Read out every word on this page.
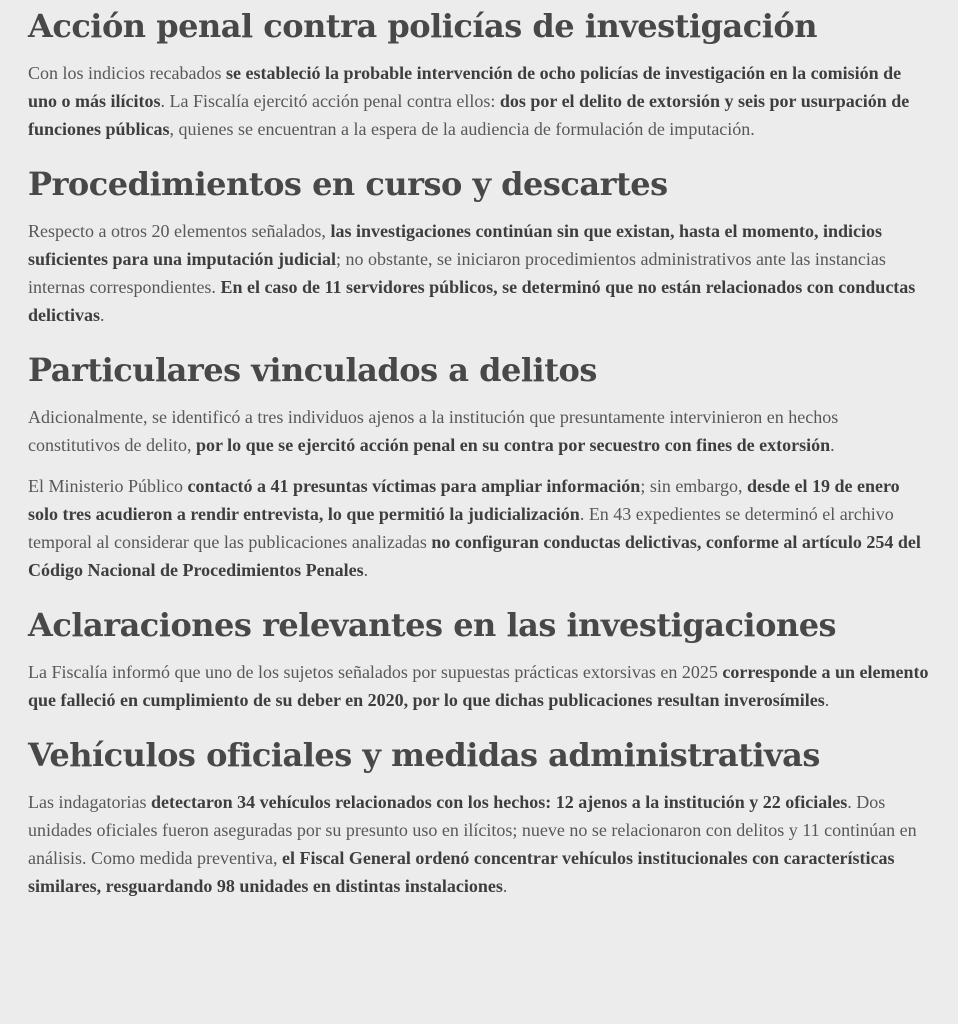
Acción penal contra policías de investigación

Con los indicios recabados se estableció la probable intervención de ocho policías de investigación en la comisión de uno o más ilícitos. La Fiscalía ejercitó acción penal contra ellos: dos por el delito de extorsión y seis por usurpación de funciones públicas, quienes se encuentran a la espera de la audiencia de formulación de imputación.

Procedimientos en curso y descartes

Respecto a otros 20 elementos señalados, las investigaciones continúan sin que existan, hasta el momento, indicios suficientes para una imputación judicial; no obstante, se iniciaron procedimientos administrativos ante las instancias internas correspondientes. En el caso de 11 servidores públicos, se determinó que no están relacionados con conductas delictivas.

Particulares vinculados a delitos

Adicionalmente, se identificó a tres individuos ajenos a la institución que presuntamente intervinieron en hechos constitutivos de delito, por lo que se ejercitó acción penal en su contra por secuestro con fines de extorsión.

El Ministerio Público contactó a 41 presuntas víctimas para ampliar información; sin embargo, desde el 19 de enero solo tres acudieron a rendir entrevista, lo que permitió la judicialización. En 43 expedientes se determinó el archivo temporal al considerar que las publicaciones analizadas no configuran conductas delictivas, conforme al artículo 254 del Código Nacional de Procedimientos Penales.

Aclaraciones relevantes en las investigaciones

La Fiscalía informó que uno de los sujetos señalados por supuestas prácticas extorsivas en 2025 corresponde a un elemento que falleció en cumplimiento de su deber en 2020, por lo que dichas publicaciones resultan inverosímiles.

Vehículos oficiales y medidas administrativas

Las indagatorias detectaron 34 vehículos relacionados con los hechos: 12 ajenos a la institución y 22 oficiales. Dos unidades oficiales fueron aseguradas por su presunto uso en ilícitos; nueve no se relacionaron con delitos y 11 continúan en análisis. Como medida preventiva, el Fiscal General ordenó concentrar vehículos institucionales con características similares, resguardando 98 unidades en distintas instalaciones.
